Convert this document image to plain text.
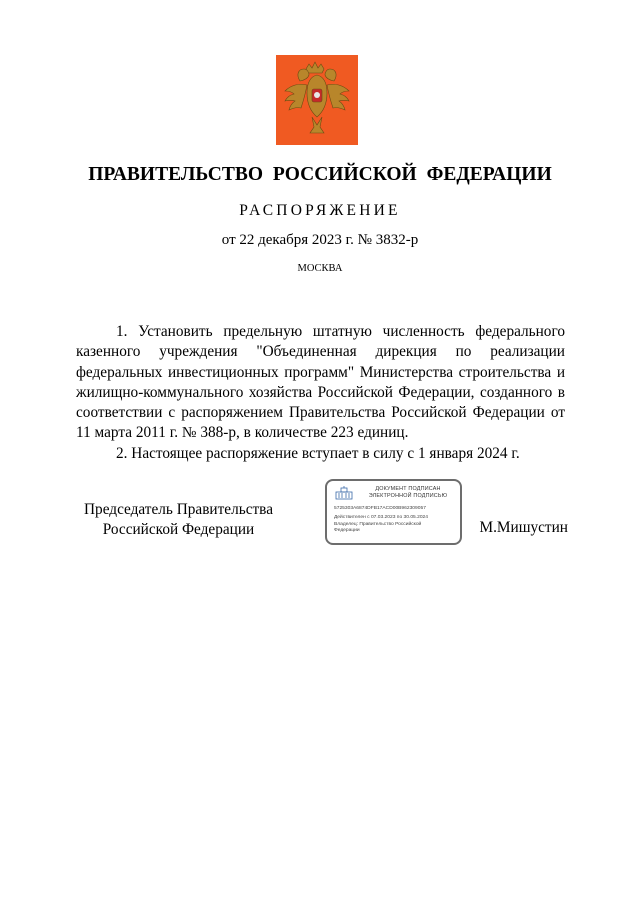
ПРАВИТЕЛЬСТВО РОССИЙСКОЙ ФЕДЕРАЦИИ
РАСПОРЯЖЕНИЕ
от 22 декабря 2023 г. № 3832-р
МОСКВА

1. Установить предельную штатную численность федерального казенного учреждения "Объединенная дирекция по реализации федеральных инвестиционных программ" Министерства строительства и жилищно-коммунального хозяйства Российской Федерации, созданного в соответствии с распоряжением Правительства Российской Федерации от 11 марта 2011 г. № 388-р, в количестве 223 единиц.

2. Настоящее распоряжение вступает в силу с 1 января 2024 г.

Председатель Правительства
Российской Федерации
ДОКУМЕНТ ПОДПИСАН
ЭЛЕКТРОННОЙ ПОДПИСЬЮ
5725303A6874DFB17ACD00B962309057
Действителен с 07.03.2023 по 30.05.2024
Владелец: Правительство Российской
Федерации	М.Мишустин
